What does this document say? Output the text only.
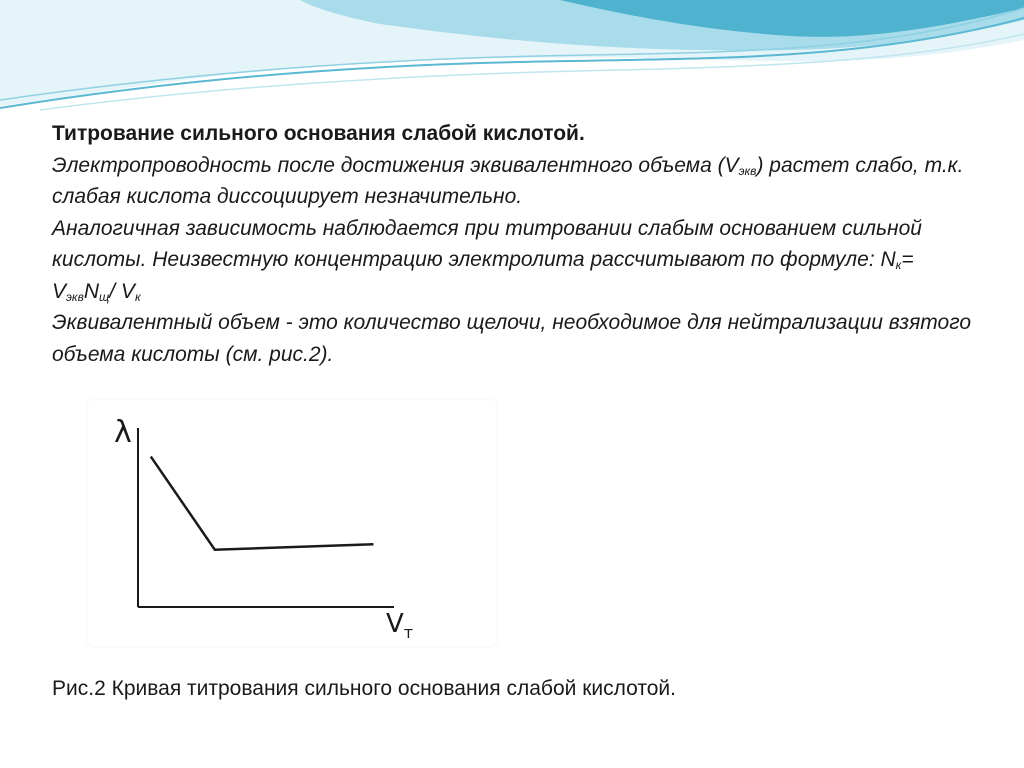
Титрование сильного основания слабой кислотой.
Электропроводность после достижения эквивалентного объема $(V_{экв})$ растет слабо, т.к. слабая кислота диссоциирует незначительно.
Аналогичная зависимость наблюдается при титровании слабым основанием сильной кислоты. Неизвестную концентрацию электролита рассчитывают по формуле: $N_к= V_{экв}N_щ/$ $V_к$
Эквивалентный объем - это количество щелочи, необходимое для нейтрализации взятого объема кислоты (см. рис.2).
λ
$V_т$
Рис.2 Кривая титрования сильного основания слабой кислотой.
